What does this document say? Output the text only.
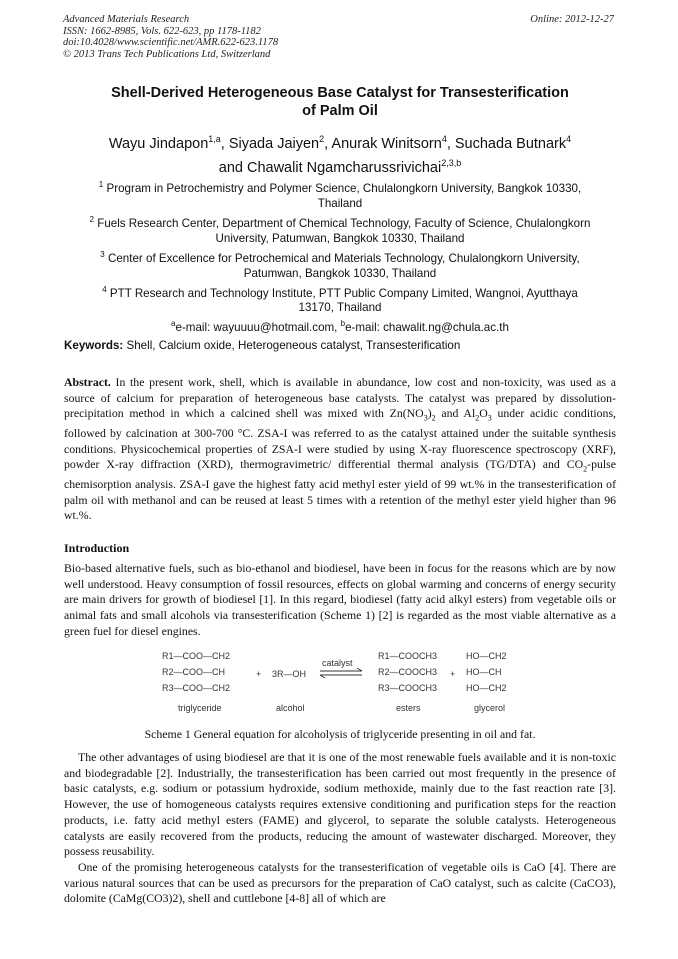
Advanced Materials Research
ISSN: 1662-8985, Vols. 622-623, pp 1178-1182
doi:10.4028/www.scientific.net/AMR.622-623.1178
© 2013 Trans Tech Publications Ltd, Switzerland
Online: 2012-12-27
Shell-Derived Heterogeneous Base Catalyst for Transesterification
of Palm Oil
Wayu Jindapon$^{1,a}$, Siyada Jaiyen$^2$, Anurak Winitsorn$^4$, Suchada Butnark$^4$
and Chawalit Ngamcharussrivichai$^{2,3,b}$
$^1$ Program in Petrochemistry and Polymer Science, Chulalongkorn University, Bangkok 10330,
Thailand
$^2$ Fuels Research Center, Department of Chemical Technology, Faculty of Science, Chulalongkorn
University, Patumwan, Bangkok 10330, Thailand
$^3$ Center of Excellence for Petrochemical and Materials Technology, Chulalongkorn University,
Patumwan, Bangkok 10330, Thailand
$^4$ PTT Research and Technology Institute, PTT Public Company Limited, Wangnoi, Ayutthaya
13170, Thailand
$^a$e-mail: wayuuuu@hotmail.com, $^b$e-mail: chawalit.ng@chula.ac.th
Keywords: Shell, Calcium oxide, Heterogeneous catalyst, Transesterification
Abstract. In the present work, shell, which is available in abundance, low cost and non-toxicity, was used as a source of calcium for preparation of heterogeneous base catalysts. The catalyst was prepared by dissolution-precipitation method in which a calcined shell was mixed with $Zn(NO_3)_2$ and $Al_2O_3$ under acidic conditions, followed by calcination at 300-700 °C. ZSA-I was referred to as the catalyst attained under the suitable synthesis conditions. Physicochemical properties of ZSA-I were studied by using X-ray fluorescence spectroscopy (XRF), powder X-ray diffraction (XRD), thermogravimetric/ differential thermal analysis (TG/DTA) and $CO_2$-pulse chemisorption analysis. ZSA-I gave the highest fatty acid methyl ester yield of 99 wt.% in the transesterification of palm oil with methanol and can be reused at least 5 times with a retention of the methyl ester yield higher than 96 wt.%.
Introduction
Bio-based alternative fuels, such as bio-ethanol and biodiesel, have been in focus for the reasons which are by now well understood. Heavy consumption of fossil resources, effects on global warming and concerns of energy security are main drivers for growth of biodiesel [1]. In this regard, biodiesel (fatty acid alkyl esters) from vegetable oils or animal fats and small alcohols via transesterification (Scheme 1) [2] is regarded as the most viable alternative as a green fuel for diesel engines.
R1—COO—CH2
R2—COO—CH
R3—COO—CH2
+ 3R—OH
catalyst
R1—COOCH3
R2—COOCH3
R3—COOCH3
+
HO—CH2
HO—CH
HO—CH2
triglyceride	alcohol	esters	glycerol
Scheme 1 General equation for alcoholysis of triglyceride presenting in oil and fat.
The other advantages of using biodiesel are that it is one of the most renewable fuels available and it is non-toxic and biodegradable [2]. Industrially, the transesterification has been carried out most frequently in the presence of basic catalysts, e.g. sodium or potassium hydroxide, sodium methoxide, mainly due to the fast reaction rate [3]. However, the use of homogeneous catalysts requires extensive conditioning and purification steps for the reaction products, i.e. fatty acid methyl esters (FAME) and glycerol, to separate the soluble catalysts. Heterogeneous catalysts are easily recovered from the products, reducing the amount of wastewater discharged. Moreover, they possess reusability.
One of the promising heterogeneous catalysts for the transesterification of vegetable oils is CaO [4]. There are various natural sources that can be used as precursors for the preparation of CaO catalyst, such as calcite (CaCO3), dolomite (CaMg(CO3)2), shell and cuttlebone [4-8] all of which are
